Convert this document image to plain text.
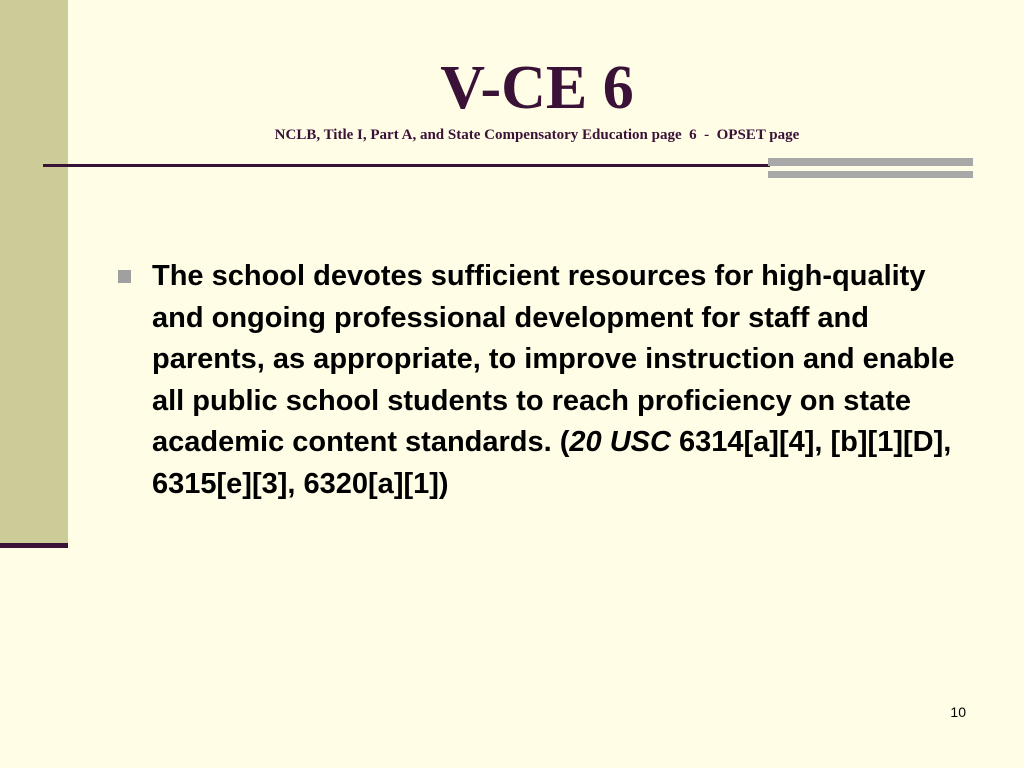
V-CE 6

NCLB, Title I, Part A, and State Compensatory Education page  6  -  OPSET page

The school devotes sufficient resources for high-quality and ongoing professional development for staff and parents, as appropriate, to improve instruction and enable all public school students to reach proficiency on state academic content standards. (20 USC 6314[a][4], [b][1][D], 6315[e][3], 6320[a][1])

10
